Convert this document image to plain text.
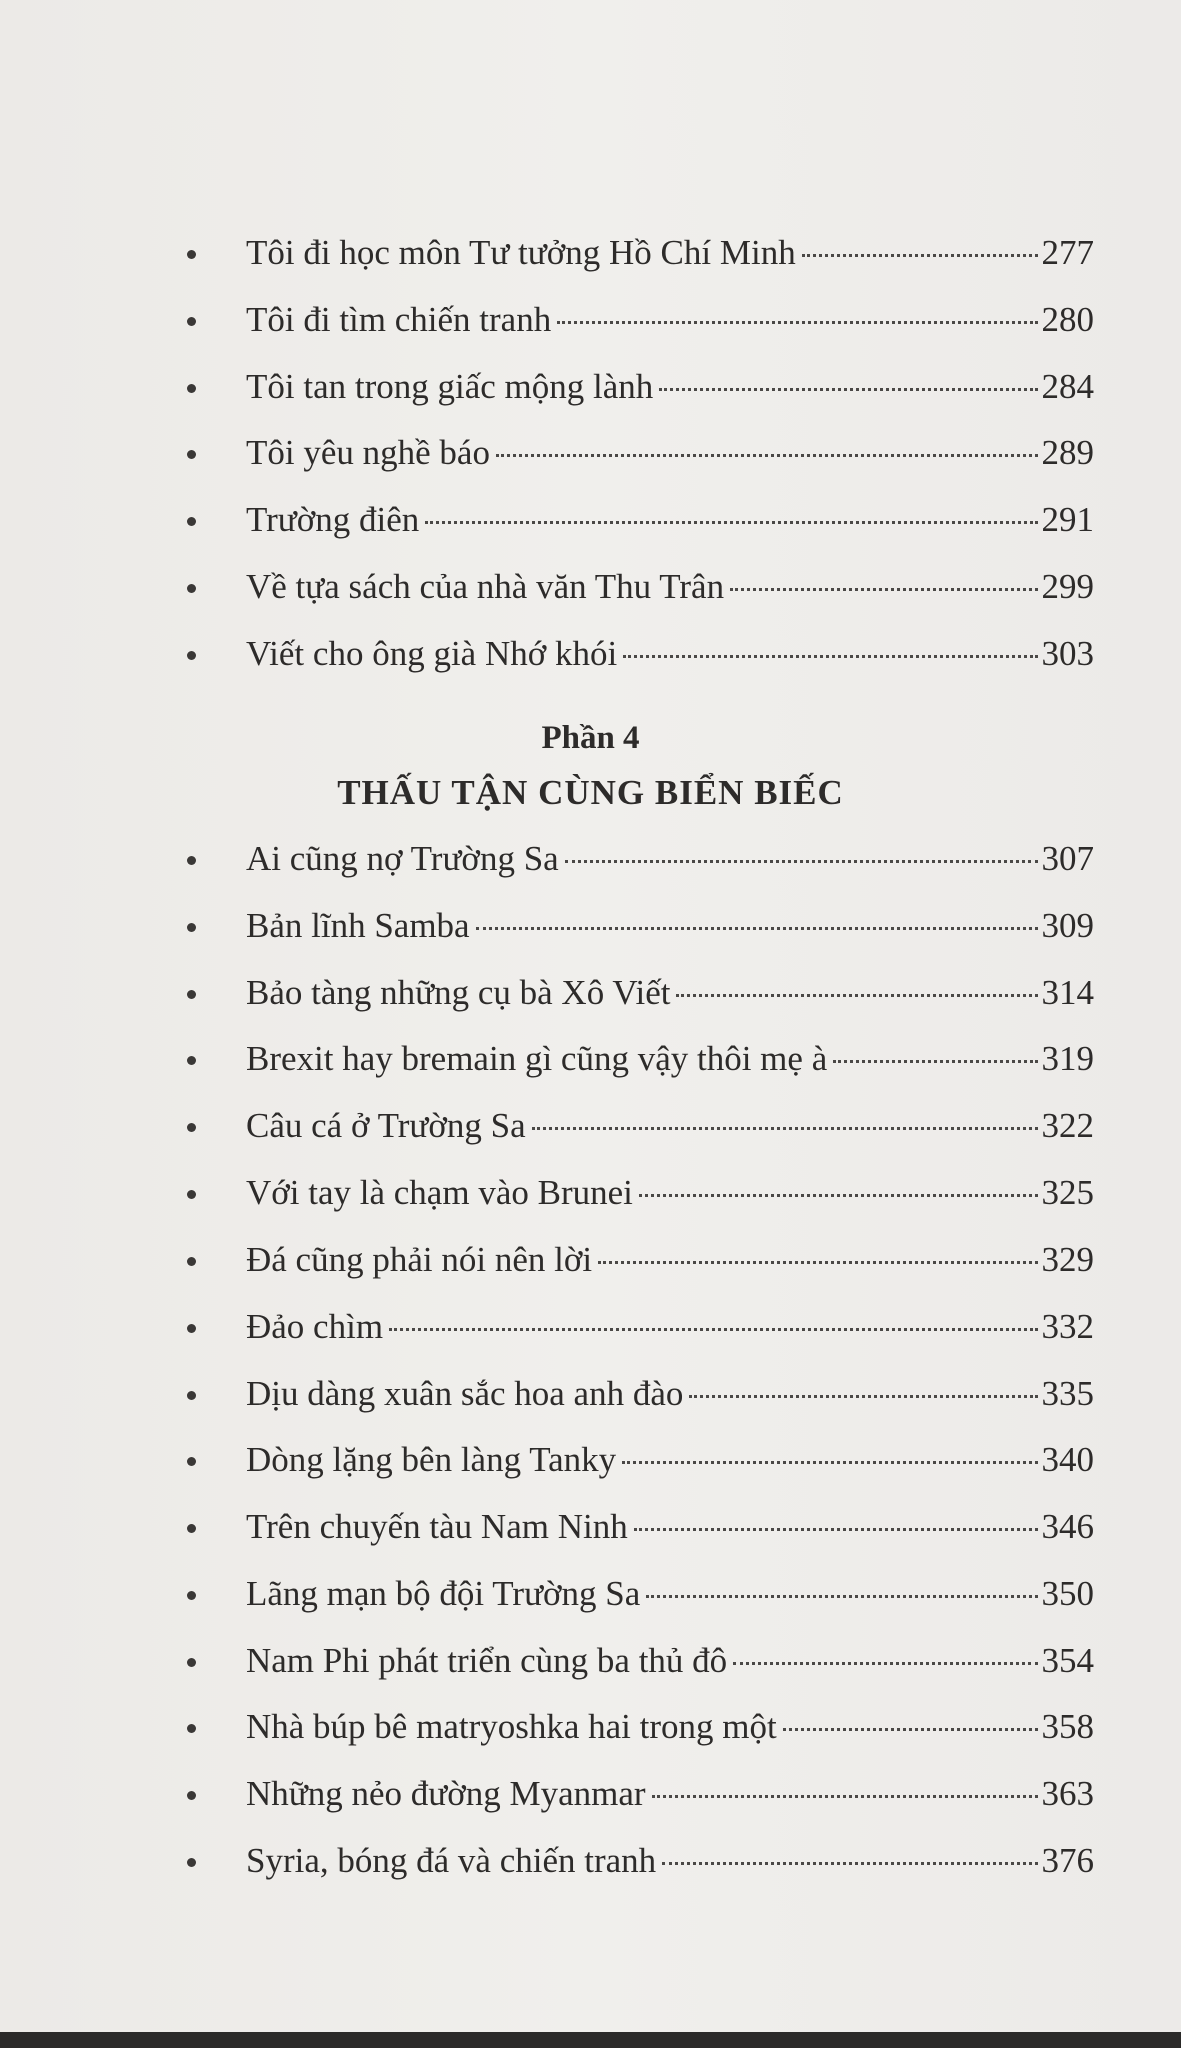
Tôi đi học môn Tư tưởng Hồ Chí Minh	277
Tôi đi tìm chiến tranh	280
Tôi tan trong giấc mộng lành	284
Tôi yêu nghề báo	289
Trường điên	291
Về tựa sách của nhà văn Thu Trân	299
Viết cho ông già Nhớ khói	303
Phần 4
THẤU TẬN CÙNG BIỂN BIẾC
Ai cũng nợ Trường Sa	307
Bản lĩnh Samba	309
Bảo tàng những cụ bà Xô Viết	314
Brexit hay bremain gì cũng vậy thôi mẹ à	319
Câu cá ở Trường Sa	322
Với tay là chạm vào Brunei	325
Đá cũng phải nói nên lời	329
Đảo chìm	332
Dịu dàng xuân sắc hoa anh đào	335
Dòng lặng bên làng Tanky	340
Trên chuyến tàu Nam Ninh	346
Lãng mạn bộ đội Trường Sa	350
Nam Phi phát triển cùng ba thủ đô	354
Nhà búp bê matryoshka hai trong một	358
Những nẻo đường Myanmar	363
Syria, bóng đá và chiến tranh	376
